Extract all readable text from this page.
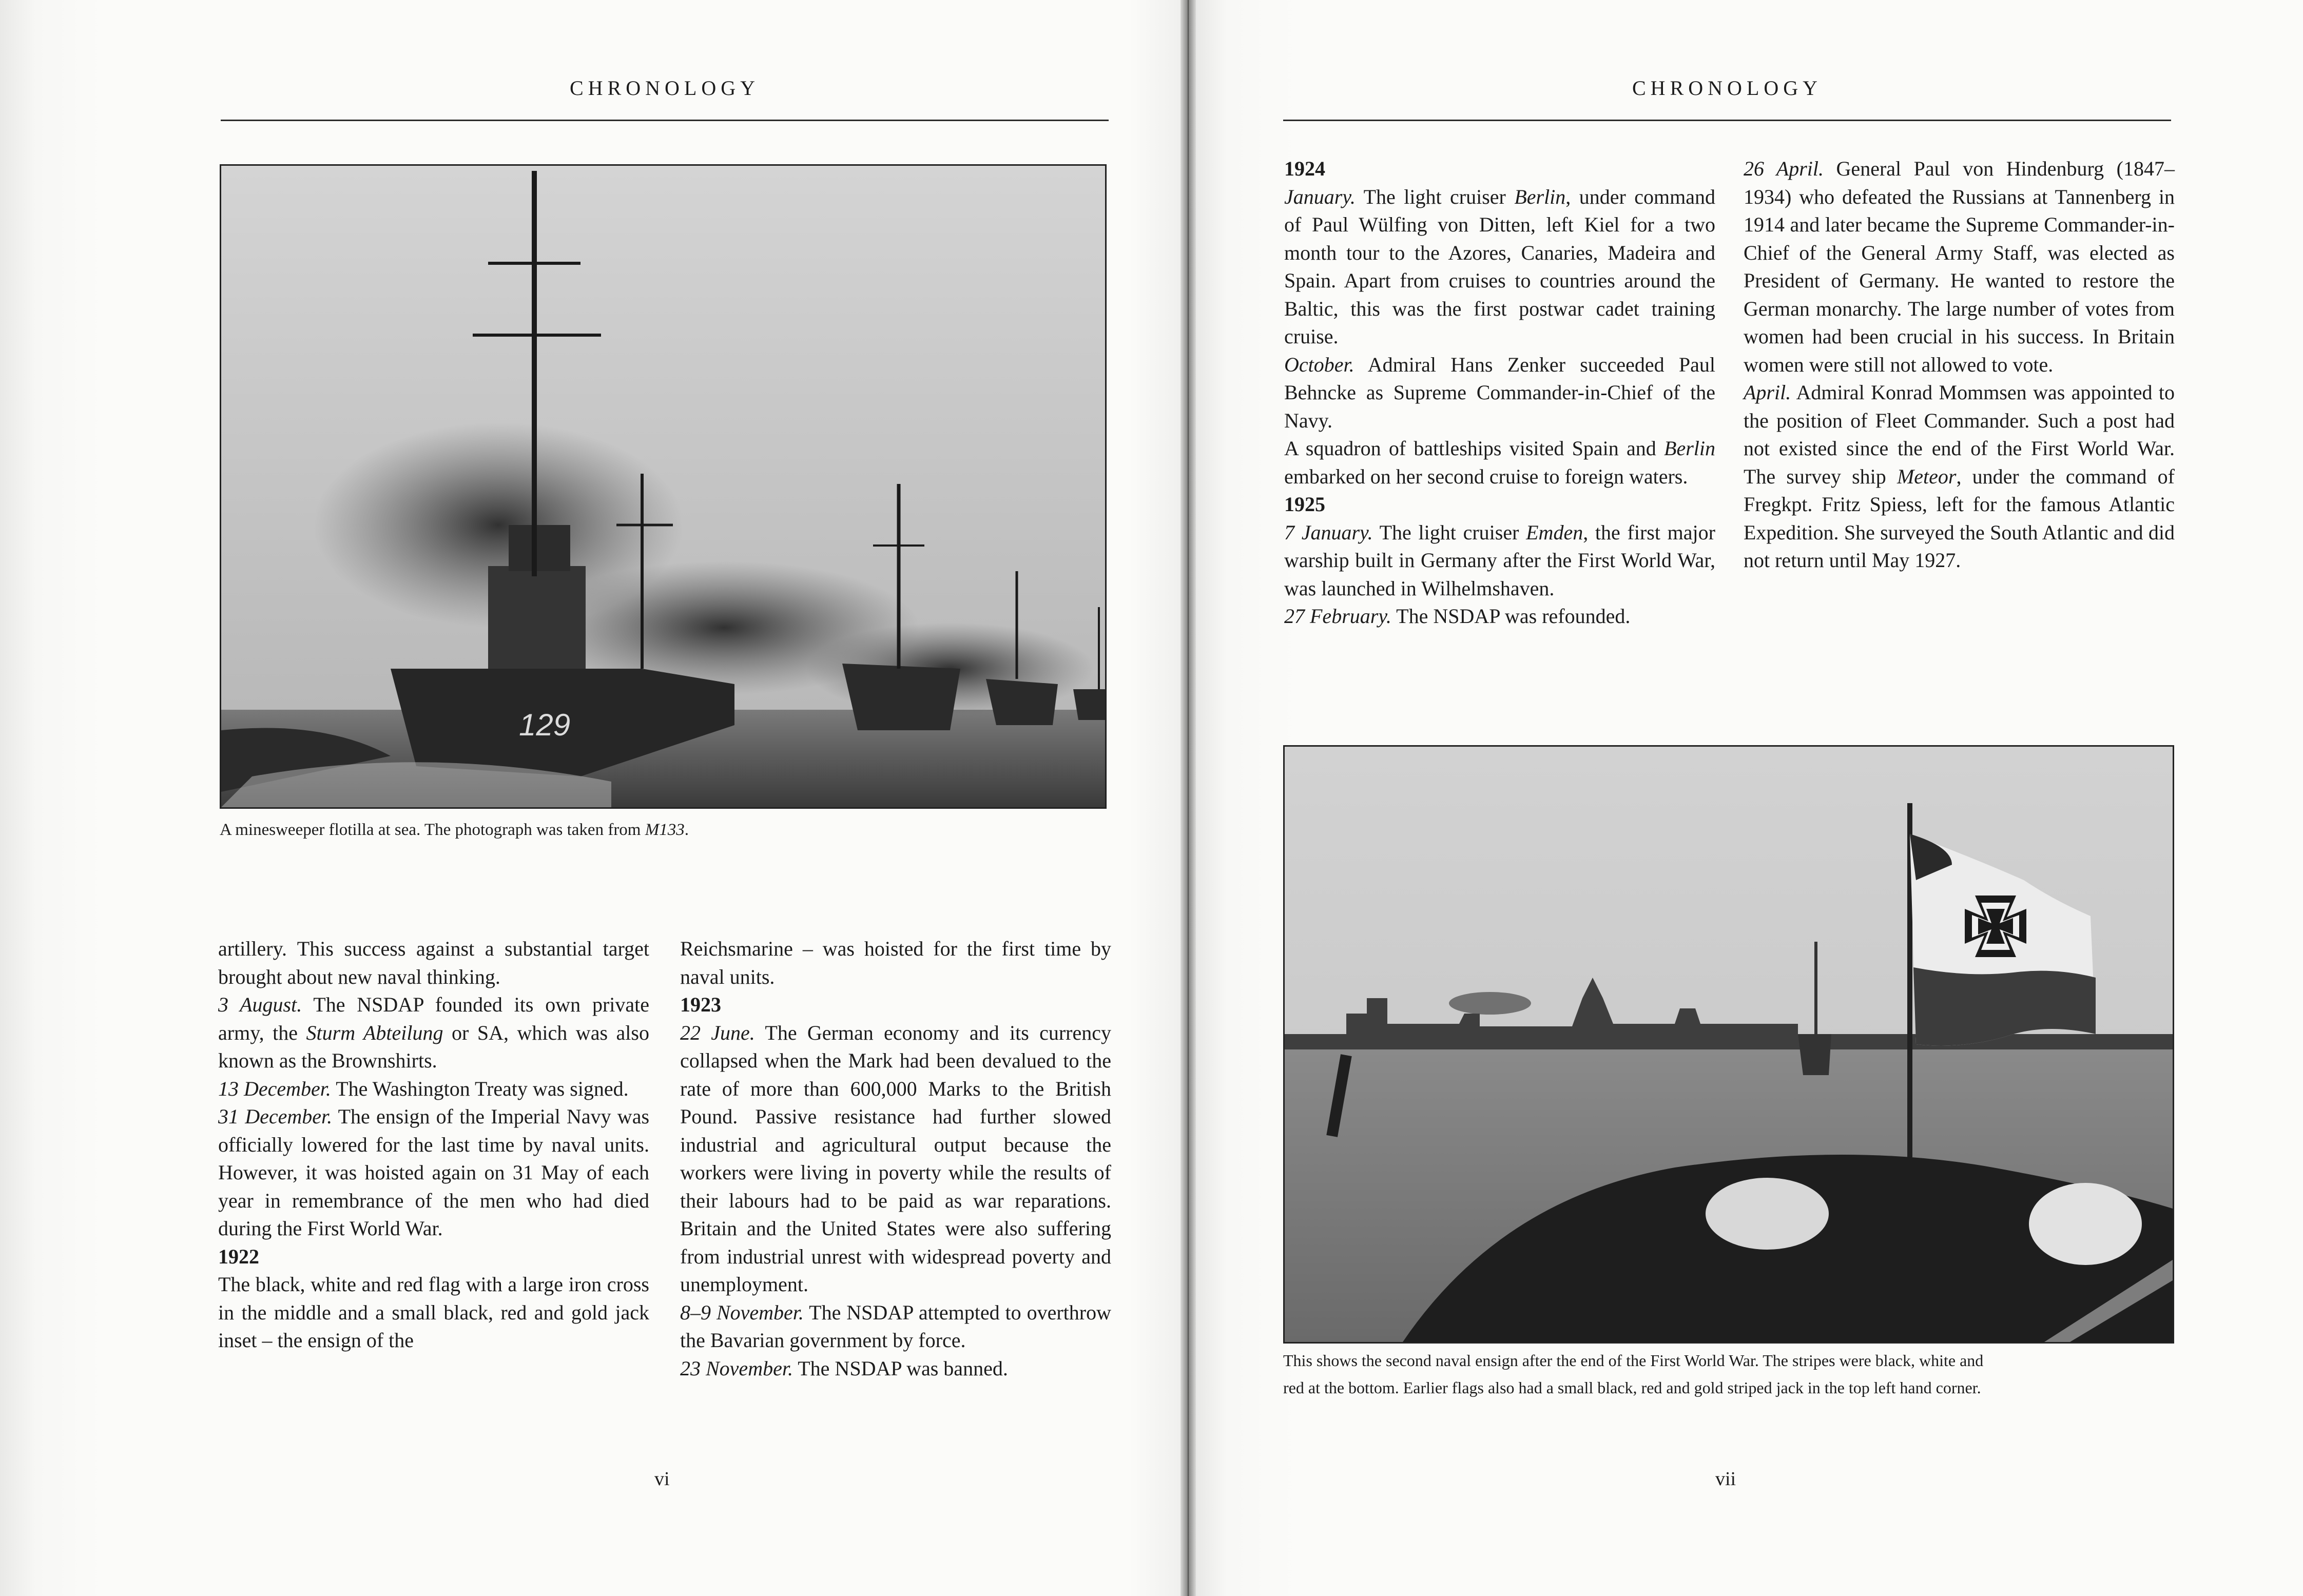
CHRONOLOGY
129
A minesweeper flotilla at sea. The photograph was taken from M133.

artillery. This success against a substantial target brought about new naval thinking.

3 August. The NSDAP founded its own private army, the Sturm Abteilung or SA, which was also known as the Brownshirts.

13 December. The Washington Treaty was signed.

31 December. The ensign of the Imperial Navy was officially lowered for the last time by naval units. However, it was hoisted again on 31 May of each year in remembrance of the men who had died during the First World War.

1922

The black, white and red flag with a large iron cross in the middle and a small black, red and gold jack inset – the ensign of the

Reichsmarine – was hoisted for the first time by naval units.

1923

22 June. The German economy and its currency collapsed when the Mark had been devalued to the rate of more than 600,000 Marks to the British Pound. Passive resistance had further slowed industrial and agricultural output because the workers were living in poverty while the results of their labours had to be paid as war reparations. Britain and the United States were also suffering from industrial unrest with widespread poverty and unemployment.

8–9 November. The NSDAP attempted to overthrow the Bavarian government by force.

23 November. The NSDAP was banned.

vi
CHRONOLOGY

1924

January. The light cruiser Berlin, under command of Paul Wülfing von Ditten, left Kiel for a two month tour to the Azores, Canaries, Madeira and Spain. Apart from cruises to countries around the Baltic, this was the first postwar cadet training cruise.

October. Admiral Hans Zenker succeeded Paul Behncke as Supreme Commander-in-Chief of the Navy.

A squadron of battleships visited Spain and Berlin embarked on her second cruise to foreign waters.

1925

7 January. The light cruiser Emden, the first major warship built in Germany after the First World War, was launched in Wilhelmshaven.

27 February. The NSDAP was refounded.

26 April. General Paul von Hindenburg (1847–1934) who defeated the Russians at Tannenberg in 1914 and later became the Supreme Commander-in-Chief of the General Army Staff, was elected as President of Germany. He wanted to restore the German monarchy. The large number of votes from women had been crucial in his success. In Britain women were still not allowed to vote.

April. Admiral Konrad Mommsen was appointed to the position of Fleet Commander. Such a post had not existed since the end of the First World War. The survey ship Meteor, under the command of Fregkpt. Fritz Spiess, left for the famous Atlantic Expedition. She surveyed the South Atlantic and did not return until May 1927.

This shows the second naval ensign after the end of the First World War. The stripes were black, white and
red at the bottom. Earlier flags also had a small black, red and gold striped jack in the top left hand corner.
vii
